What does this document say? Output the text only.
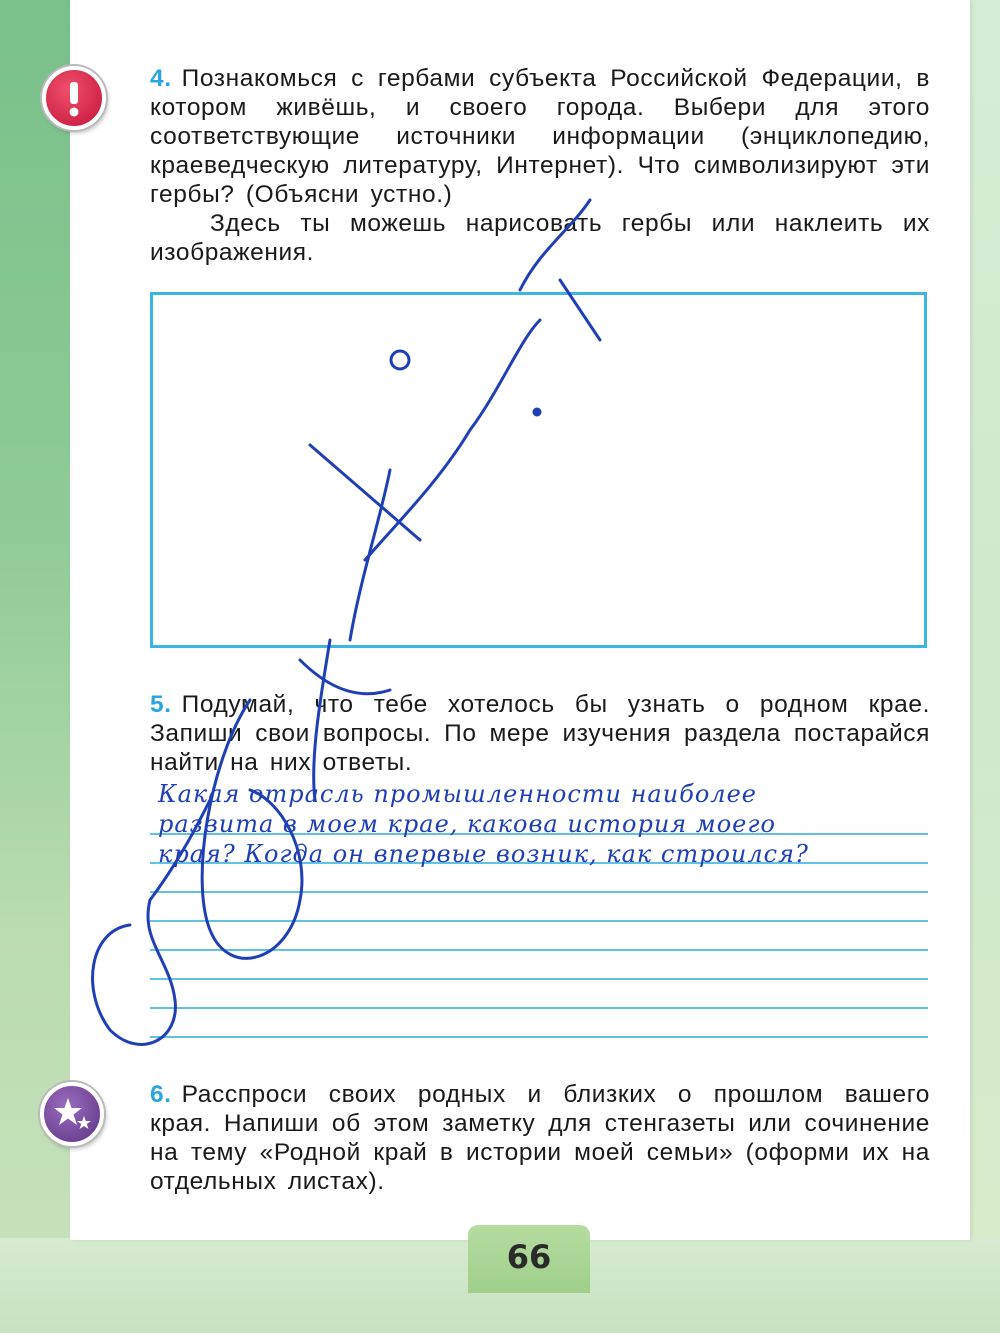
4. Познакомься с гербами субъекта Российской Федерации, в котором живёшь, и своего города. Выбери для этого соответствующие источники информации (энциклопедию, краеведческую литературу, Интернет). Что символизируют эти гербы? (Объясни устно.)
Здесь ты можешь нарисовать гербы или наклеить их изображения.
5. Подумай, что тебе хотелось бы узнать о родном крае. Запиши свои вопросы. По мере изучения раздела постарайся найти на них ответы.
Какая отрасль промышленности наиболее
развита в моем крае, какова история моего
края? Когда он впервые возник, как строился?
6. Расспроси своих родных и близких о прошлом вашего края. Напиши об этом заметку для стенгазеты или сочинение на тему «Родной край в истории моей семьи» (оформи их на отдельных листах).
66
